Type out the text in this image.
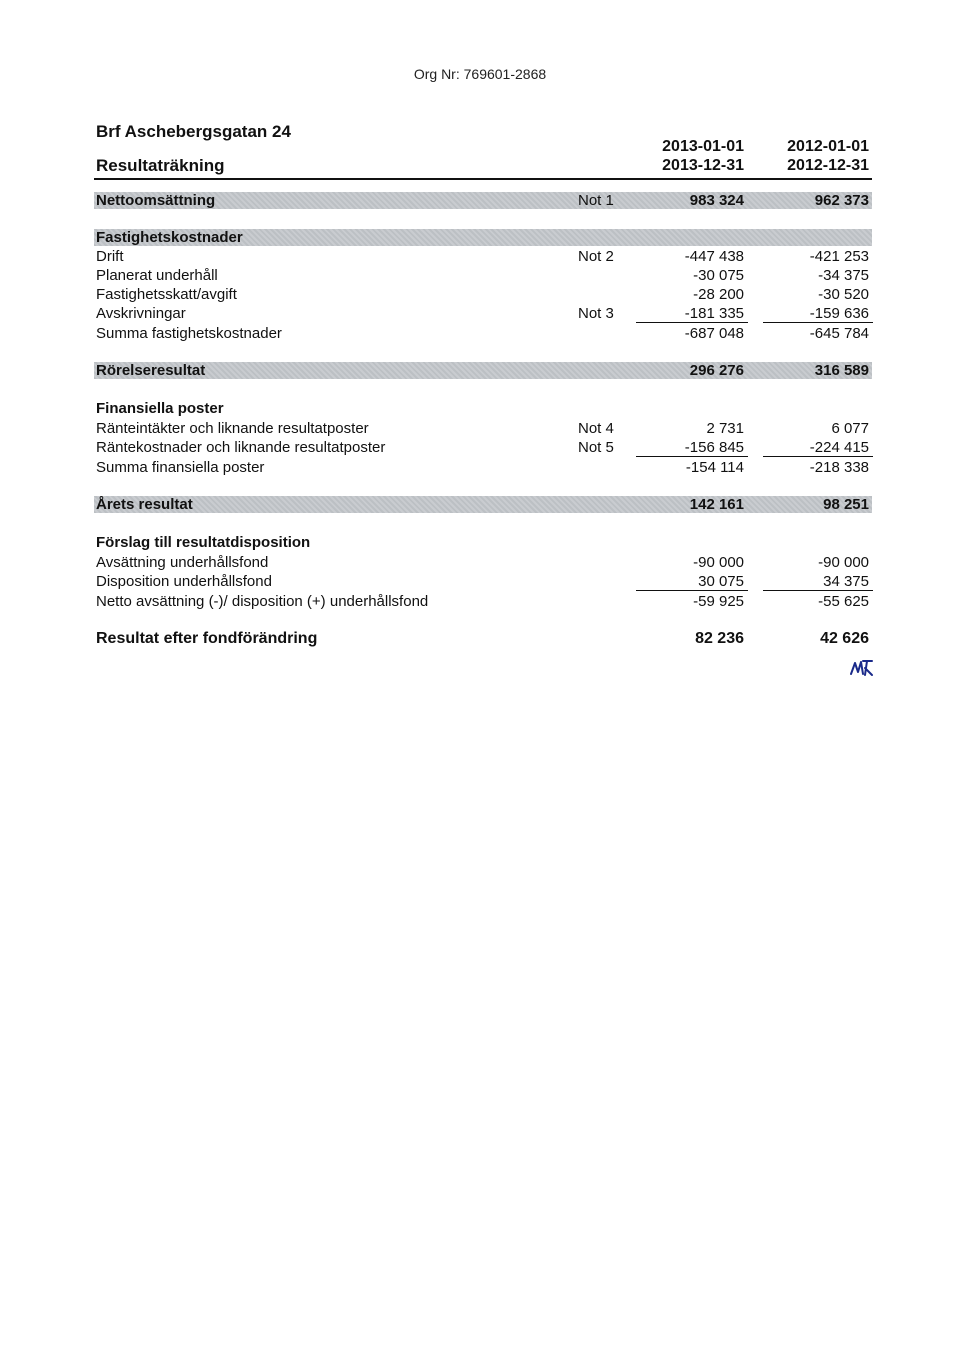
Org Nr: 769601-2868
Brf Aschebergsgatan 24
Resultaträkning
2013-01-01
2013-12-31
2012-01-01
2012-12-31
Nettoomsättning	Not 1	983 324	962 373
Fastighetskostnader
Drift	Not 2	-447 438	-421 253
Planerat underhåll	-30 075	-34 375
Fastighetsskatt/avgift	-28 200	-30 520
Avskrivningar	Not 3	-181 335	-159 636
Summa fastighetskostnader	-687 048	-645 784
Rörelseresultat	296 276	316 589
Finansiella poster
Ränteintäkter och liknande resultatposter	Not 4	2 731	6 077
Räntekostnader och liknande resultatposter	Not 5	-156 845	-224 415
Summa finansiella poster	-154 114	-218 338
Årets resultat	142 161	98 251
Förslag till resultatdisposition
Avsättning underhållsfond	-90 000	-90 000
Disposition underhållsfond	30 075	34 375
Netto avsättning (-)/ disposition (+) underhållsfond	-59 925	-55 625
Resultat efter fondförändring	82 236	42 626
